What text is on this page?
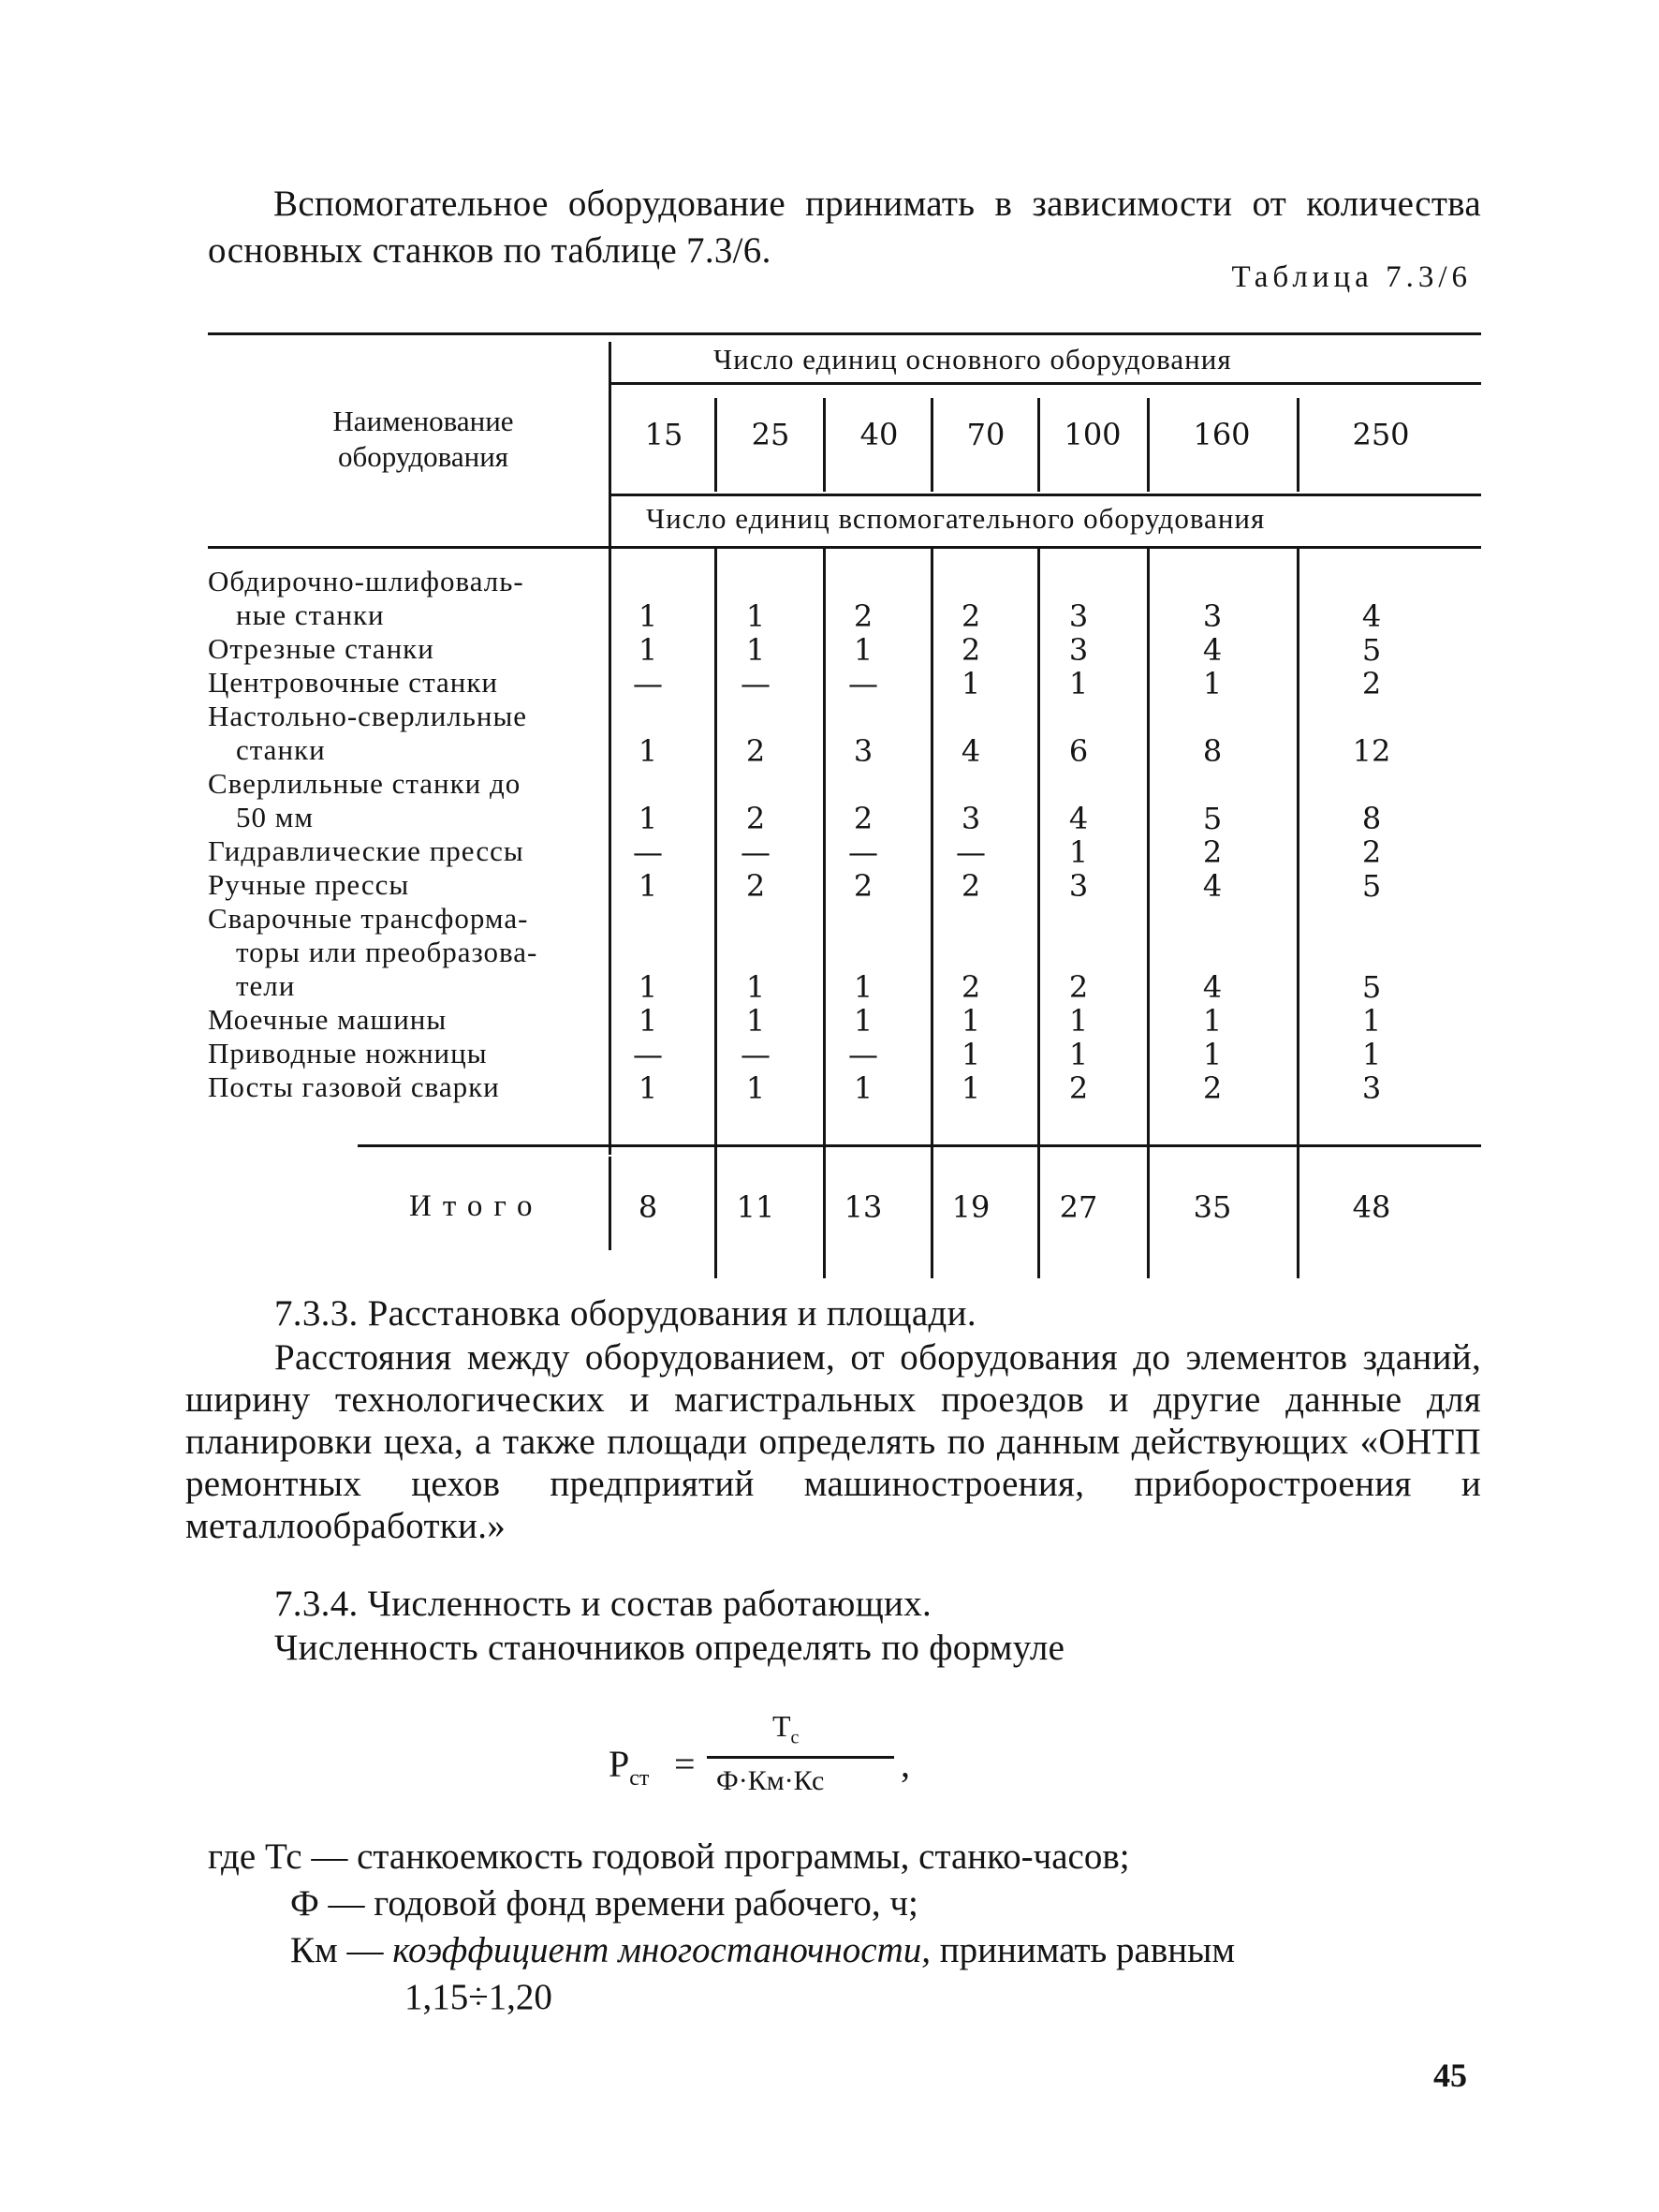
Вспомогательное оборудование принимать в зависимости от количества основных станков по таблице 7.3/6.
Таблица 7.3/6
Число единиц основного оборудования
Наименование
оборудования
15	25	40	70	100	160	250
Число единиц вспомогательного оборудования
Обдирочно-шлифоваль-
ные станки	1	1	2	2	3	3	4
Отрезные станки	1	1	1	2	3	4	5
Центровочные станки	—	—	—	1	1	1	2
Настольно-сверлильные
станки	1	2	3	4	6	8	12
Сверлильные станки до
50 мм	1	2	2	3	4	5	8
Гидравлические прессы	—	—	—	—	1	2	2
Ручные прессы	1	2	2	2	3	4	5
Сварочные трансформа-
торы или преобразова-
тели	1	1	1	2	2	4	5
Моечные машины	1	1	1	1	1	1	1
Приводные ножницы	—	—	—	1	1	1	1
Посты газовой сварки	1	1	1	1	2	2	3
Итого	8	11	13	19	27	35	48
7.3.3. Расстановка оборудования и площади.
Расстояния между оборудованием, от оборудования до элементов зданий, ширину технологических и магистральных проездов и другие данные для планировки цеха, а также площади определять по данным действующих «ОНТП ремонтных цехов предприятий машиностроения, приборостроения и металлообработки.»
7.3.4. Численность и состав работающих.
Численность станочников определять по формуле
$Р_{ст}$ =
$Т_с$
Ф·Км·Кс ,
где Тс — станкоемкость годовой программы, станко-часов;
Ф — годовой фонд времени рабочего, ч;
Км — коэффициент многостаночности, принимать равным
1,15÷1,20
45
